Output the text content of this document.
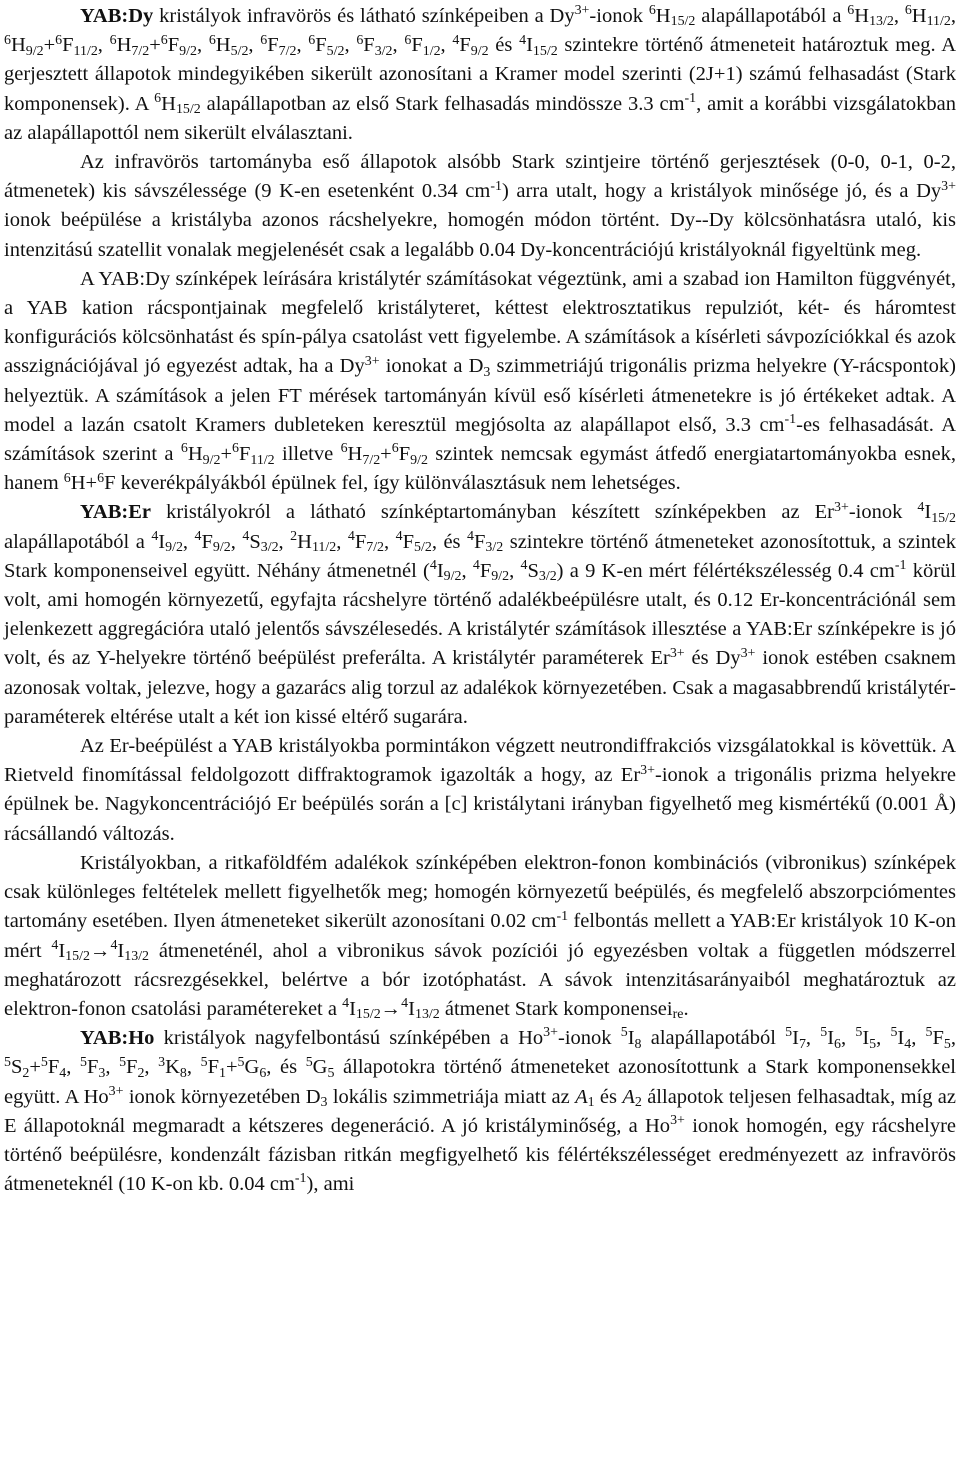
YAB:Dy kristályok infravörös és látható színképeiben a $Dy^{3+}$-ionok $^6H_{15/2}$ alapállapotából a $^6H_{13/2}$, $^6H_{11/2}$, $^6H_{9/2}+^6F_{11/2}$, $^6H_{7/2}+^6F_{9/2}$, $^6H_{5/2}$, $^6F_{7/2}$, $^6F_{5/2}$, $^6F_{3/2}$, $^6F_{1/2}$, $^4F_{9/2}$ és $^4I_{15/2}$ szintekre történő átmeneteit határoztuk meg. A gerjesztett állapotok mindegyikében sikerült azonosítani a Kramer model szerinti (2J+1) számú felhasadást (Stark komponensek). A $^6H_{15/2}$ alapállapotban az első Stark felhasadás mindössze 3.3 $cm^{-1}$, amit a korábbi vizsgálatokban az alapállapottól nem sikerült elválasztani.

Az infravörös tartományba eső állapotok alsóbb Stark szintjeire történő gerjesztések (0-0, 0-1, 0-2, átmenetek) kis sávszélessége (9 K-en esetenként 0.34 $cm^{-1}$) arra utalt, hogy a kristályok minősége jó, és a $Dy^{3+}$ ionok beépülése a kristályba azonos rácshelyekre, homogén módon történt. Dy--Dy kölcsönhatásra utaló, kis intenzitású szatellit vonalak megjelenését csak a legalább 0.04 Dy-koncentrációjú kristályoknál figyeltünk meg.

A YAB:Dy színképek leírására kristálytér számításokat végeztünk, ami a szabad ion Hamilton függvényét, a YAB kation rácspontjainak megfelelő kristályteret, kéttest elektrosztatikus repulziót, két- és háromtest konfigurációs kölcsönhatást és spín-pálya csatolást vett figyelembe. A számítások a kísérleti sávpozíciókkal és azok asszignációjával jó egyezést adtak, ha a $Dy^{3+}$ ionokat a $D_3$ szimmetriájú trigonális prizma helyekre (Y-rácspontok) helyeztük. A számítások a jelen FT mérések tartományán kívül eső kísérleti átmenetekre is jó értékeket adtak. A model a lazán csatolt Kramers dubleteken keresztül megjósolta az alapállapot első, 3.3 $cm^{-1}-es$ felhasadását. A számítások szerint a $^6H_{9/2}+^6F_{11/2}$ illetve $^6H_{7/2}+^6F_{9/2}$ szintek nemcsak egymást átfedő energiatartományokba esnek, hanem $^6$H+$^6$F keverékpályákból épülnek fel, így különválasztásuk nem lehetséges.

YAB:Er kristályokról a látható színképtartományban készített színképekben az $Er^{3+}$-ionok $^4I_{15/2}$ alapállapotából a $^4I_{9/2}$, $^4F_{9/2}$, $^4S_{3/2}$, $^2H_{11/2}$, $^4F_{7/2}$, $^4F_{5/2}$, és $^4F_{3/2}$ szintekre történő átmeneteket azonosítottuk, a szintek Stark komponenseivel együtt. Néhány átmenetnél ($^4I_{9/2}$, $^4F_{9/2}$, $^4S_{3/2}$) a 9 K-en mért félértékszélesség 0.4 $cm^{-1}$ körül volt, ami homogén környezetű, egyfajta rácshelyre történő adalékbeépülésre utalt, és 0.12 Er-koncentrációnál sem jelenkezett aggregációra utaló jelentős sávszélesedés. A kristálytér számítások illesztése a YAB:Er színképekre is jó volt, és az Y-helyekre történő beépülést preferálta. A kristálytér paraméterek $Er^{3+}$ és $Dy^{3+}$ ionok estében csaknem azonosak voltak, jelezve, hogy a gazarács alig torzul az adalékok környezetében. Csak a magasabbrendű kristálytér-paraméterek eltérése utalt a két ion kissé eltérő sugarára.

Az Er-beépülést a YAB kristályokba pormintákon végzett neutrondiffrakciós vizsgálatokkal is követtük. A Rietveld finomítással feldolgozott diffraktogramok igazolták a hogy, az $Er^{3+}$-ionok a trigonális prizma helyekre épülnek be. Nagykoncentrációjó Er beépülés során a [c] kristálytani irányban figyelhető meg kismértékű (0.001 Å) rácsállandó változás.

Kristályokban, a ritkaföldfém adalékok színképében elektron-fonon kombinációs (vibronikus) színképek csak különleges feltételek mellett figyelhetők meg; homogén környezetű beépülés, és megfelelő abszorpciómentes tartomány esetében. Ilyen átmeneteket sikerült azonosítani 0.02 $cm^{-1}$ felbontás mellett a YAB:Er kristályok 10 K-on mért $^4I_{15/2}\to^4I_{13/2}$ átmeneténél, ahol a vibronikus sávok pozíciói jó egyezésben voltak a független módszerrel meghatározott rácsrezgésekkel, belértve a bór izotóphatást. A sávok intenzitásarányaiból meghatároztuk az elektron-fonon csatolási paramétereket a $^4I_{15/2}\to^4I_{13/2}$ átmenet Stark komponensei$_{re}$.

YAB:Ho kristályok nagyfelbontású színképében a $Ho^{3+}$-ionok $^5I_8$ alapállapotából $^5I_7$, $^5I_6$, $^5I_5$, $^5I_4$, $^5F_5$, $^5S_2+^5F_4$, $^5F_3$, $^5F_2$, $^3K_8$, $^5F_1+^5G_6$, és $^5G_5$ állapotokra történő átmeneteket azonosítottunk a Stark komponensekkel együtt. A $Ho^{3+}$ ionok környezetében $D_3$ lokális szimmetriája miatt az $A_1$ és $A_2$ állapotok teljesen felhasadtak, míg az E állapotoknál megmaradt a kétszeres degeneráció. A jó kristályminőség, a $Ho^{3+}$ ionok homogén, egy rácshelyre történő beépülésre, kondenzált fázisban ritkán megfigyelhető kis félértékszélességet eredményezett az infravörös átmeneteknél (10 K-on kb. 0.04 $cm^{-1}$), ami
